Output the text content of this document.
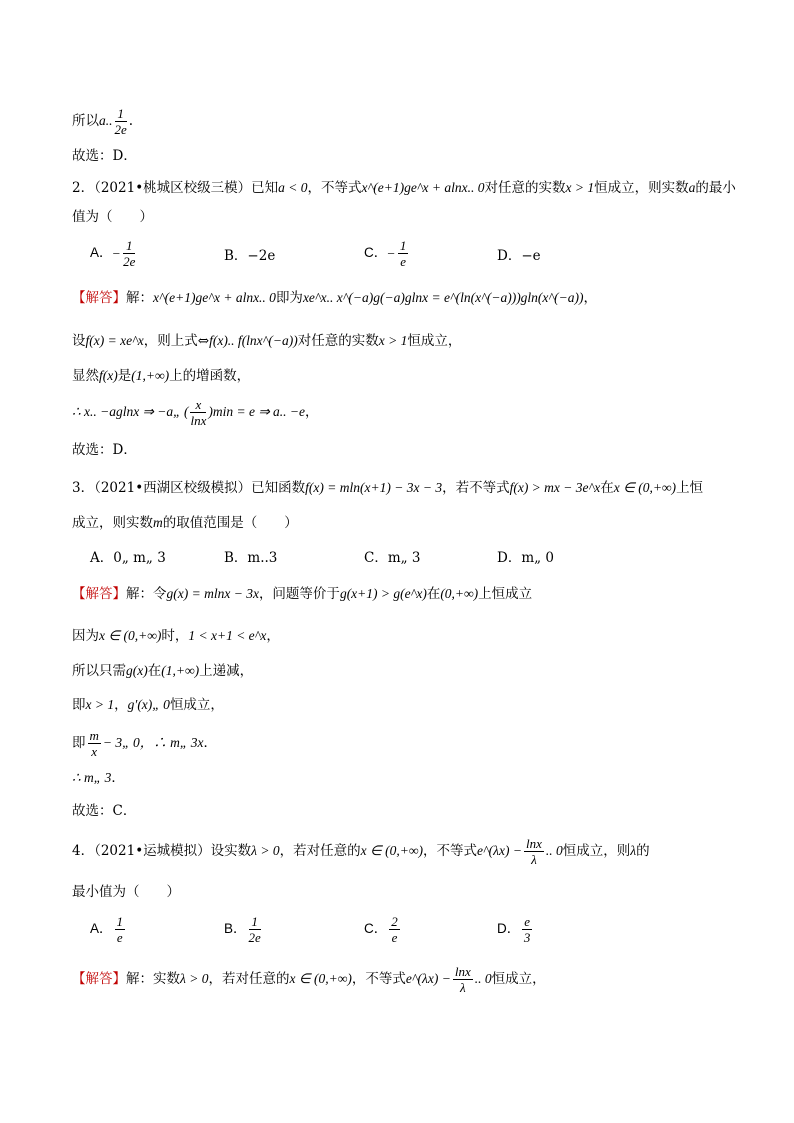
所以a.. $\frac{1}{2e}$ .
故选：D．
2．（2021•桃城区校级三模）已知a < 0，不等式x^(e+1)ge^x + alnx.. 0对任意的实数x > 1恒成立，则实数a的最小
值为（　　）
A．− $\frac{1}{2e}$	B．−2e	C．− $\frac{1}{e}$	D．−e
【解答】解：x^(e+1)ge^x + alnx.. 0即为xe^x.. x^(−a)g(−a)glnx = e^(ln(x^(−a)))gln(x^(−a))，
设f(x) = xe^x，则上式⇔f(x).. f(lnx^(−a))对任意的实数x > 1恒成立，
显然f(x)是(1,+∞)上的增函数，
∴ x.. −aglnx ⇒ −a„ ( $\frac{x}{\ln x} )\min = e$ ⇒ a.. −e，
故选：D．
3．（2021•西湖区校级模拟）已知函数f(x) = mln(x+1) − 3x − 3，若不等式f(x) > mx − 3e^x在x ∈ (0,+∞)上恒
成立，则实数m的取值范围是（　　）
A．0„ m„ 3	B．m..3	C．m„ 3	D．m„ 0
【解答】解：令g(x) = mlnx − 3x，问题等价于g(x+1) > g(e^x)在(0,+∞)上恒成立
因为x ∈ (0,+∞)时，1 < x+1 < e^x，
所以只需g(x)在(1,+∞)上递减，
即x > 1，g′(x)„ 0恒成立，
即 $\frac{m}{x}$ − 3„ 0，∴ m„ 3x．
∴ m„ 3．
故选：C．
4．（2021•运城模拟）设实数λ > 0，若对任意的x ∈ (0,+∞)，不等式e^(λx) − $\frac{\ln x}{\lambda}$ .. 0恒成立，则λ的
最小值为（　　）
A． $\frac{1}{e}$	B． $\frac{1}{2e}$	C． $\frac{2}{e}$	D． $\frac{e}{3}$
【解答】解：实数λ > 0，若对任意的x ∈ (0,+∞)，不等式e^(λx) − $\frac{\ln x}{\lambda}$ .. 0恒成立，
